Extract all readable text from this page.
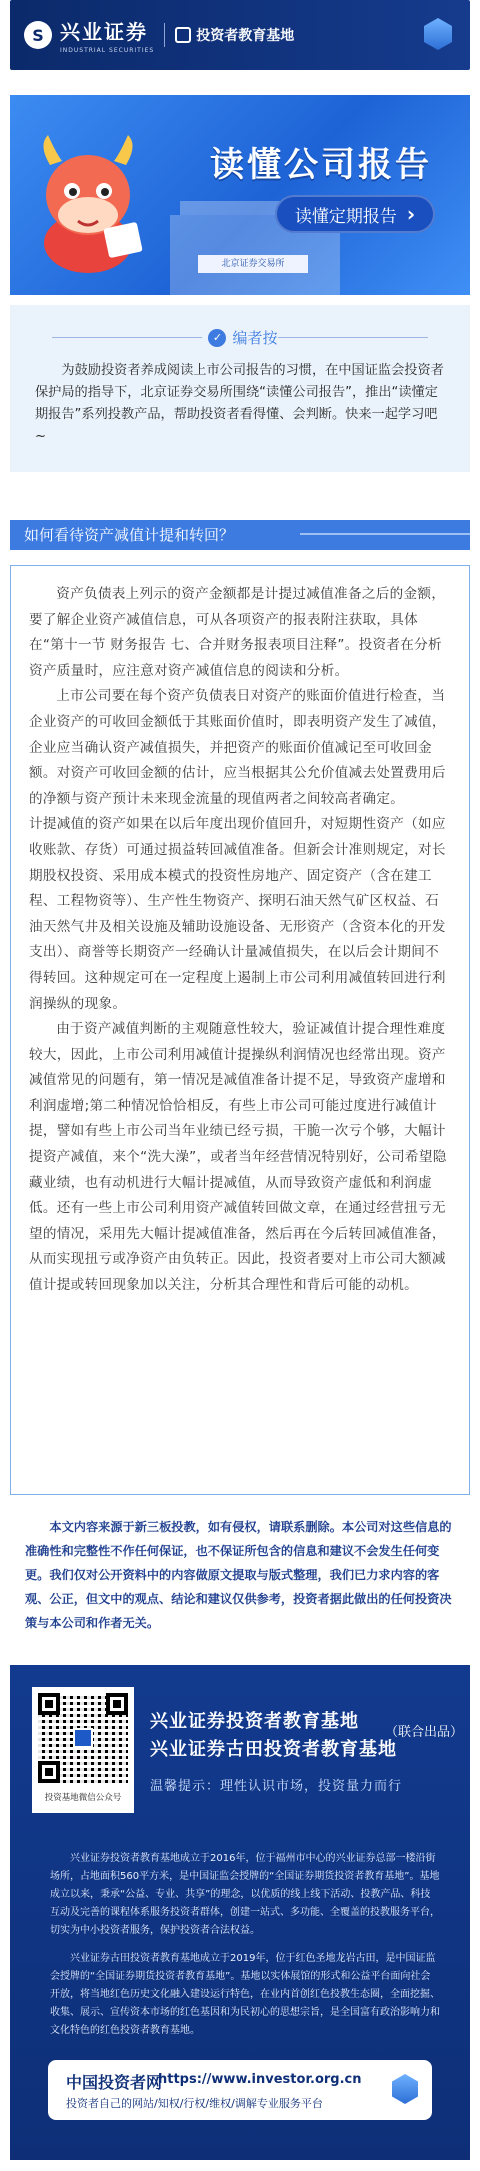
S 兴业证券
INDUSTRIAL SECURITIES
投资者教育基地
北京证券交易所
读懂公司报告
读懂定期报告 ›
✓ 编者按
为鼓励投资者养成阅读上市公司报告的习惯，在中国证监会投资者保护局的指导下，北京证券交易所围绕“读懂公司报告”，推出“读懂定期报告”系列投教产品，帮助投资者看得懂、会判断。快来一起学习吧~
如何看待资产减值计提和转回？

资产负债表上列示的资产金额都是计提过减值准备之后的金额，要了解企业资产减值信息，可从各项资产的报表附注获取，具体在“第十一节 财务报告 七、合并财务报表项目注释”。投资者在分析资产质量时，应注意对资产减值信息的阅读和分析。

上市公司要在每个资产负债表日对资产的账面价值进行检查，当企业资产的可收回金额低于其账面价值时，即表明资产发生了减值，企业应当确认资产减值损失，并把资产的账面价值减记至可收回金额。对资产可收回金额的估计，应当根据其公允价值减去处置费用后的净额与资产预计未来现金流量的现值两者之间较高者确定。

计提减值的资产如果在以后年度出现价值回升，对短期性资产（如应收账款、存货）可通过损益转回减值准备。但新会计准则规定，对长期股权投资、采用成本模式的投资性房地产、固定资产（含在建工程、工程物资等）、生产性生物资产、探明石油天然气矿区权益、石油天然气井及相关设施及辅助设施设备、无形资产（含资本化的开发支出）、商誉等长期资产一经确认计量减值损失，在以后会计期间不得转回。这种规定可在一定程度上遏制上市公司利用减值转回进行利润操纵的现象。

由于资产减值判断的主观随意性较大，验证减值计提合理性难度较大，因此，上市公司利用减值计提操纵利润情况也经常出现。资产减值常见的问题有，第一情况是减值准备计提不足，导致资产虚增和利润虚增;第二种情况恰恰相反，有些上市公司可能过度进行减值计提，譬如有些上市公司当年业绩已经亏损，干脆一次亏个够，大幅计提资产减值，来个“洗大澡”，或者当年经营情况特别好，公司希望隐藏业绩，也有动机进行大幅计提减值，从而导致资产虚低和利润虚低。还有一些上市公司利用资产减值转回做文章，在通过经营扭亏无望的情况，采用先大幅计提减值准备，然后再在今后转回减值准备，从而实现扭亏或净资产由负转正。因此，投资者要对上市公司大额减值计提或转回现象加以关注，分析其合理性和背后可能的动机。

本文内容来源于新三板投教，如有侵权，请联系删除。本公司对这些信息的准确性和完整性不作任何保证，也不保证所包含的信息和建议不会发生任何变更。我们仅对公开资料中的内容做原文提取与版式整理，我们已力求内容的客观、公正，但文中的观点、结论和建议仅供参考，投资者据此做出的任何投资决策与本公司和作者无关。
投资基地微信公众号
兴业证券投资者教育基地
兴业证券古田投资者教育基地
（联合出品）
温馨提示：理性认识市场，投资量力而行
兴业证券投资者教育基地成立于2016年，位于福州市中心的兴业证券总部一楼沿街场所，占地面积560平方米，是中国证监会授牌的“全国证券期货投资者教育基地”。基地成立以来，秉承“公益、专业、共享”的理念，以优质的线上线下活动、投教产品、科技互动及完善的课程体系服务投资者群体，创建一站式、多功能、全覆盖的投教服务平台，切实为中小投资者服务，保护投资者合法权益。
兴业证券古田投资者教育基地成立于2019年，位于红色圣地龙岩古田，是中国证监会授牌的“全国证券期货投资者教育基地”。基地以实体展馆的形式和公益平台面向社会开放，将当地红色历史文化融入建设运行特色，在业内首创红色投教生态圈，全面挖掘、收集、展示、宣传资本市场的红色基因和为民初心的思想宗旨，是全国富有政治影响力和文化特色的红色投资者教育基地。
中国投资者网
https://www.investor.org.cn
投资者自己的网站/知权/行权/维权/调解专业服务平台
